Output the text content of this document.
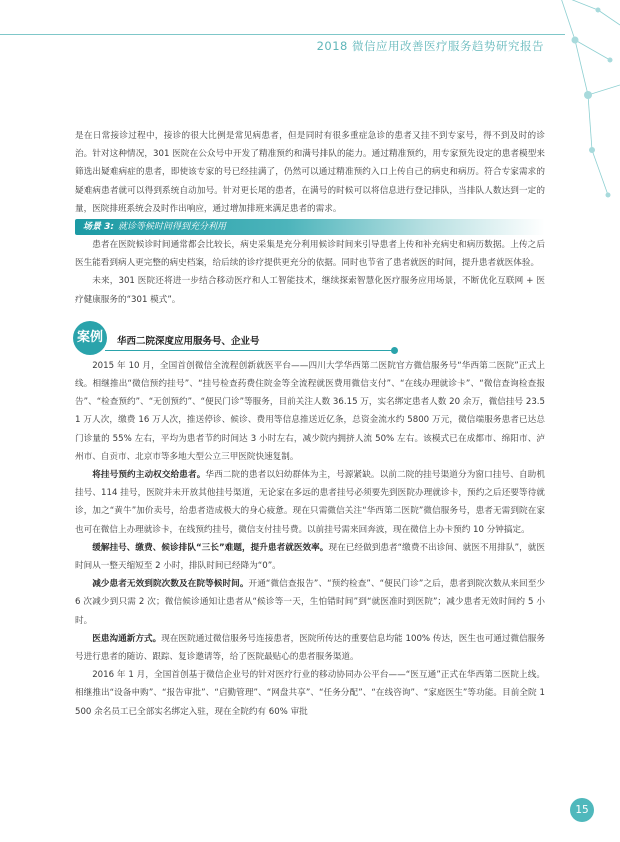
2018 微信应用改善医疗服务趋势研究报告

是在日常接诊过程中，接诊的很大比例是常见病患者，但是同时有很多重症急诊的患者又挂不到专家号，得不到及时的诊治。针对这种情况，301 医院在公众号中开发了精准预约和满号排队的能力。通过精准预约，用专家预先设定的患者模型来筛选出疑难病症的患者，即使该专家的号已经挂满了，仍然可以通过精准预约入口上传自己的病史和病历。符合专家需求的疑难病患者就可以得到系统自动加号。针对更长尾的患者，在满号的时候可以将信息进行登记排队，当排队人数达到一定的量，医院排班系统会及时作出响应，通过增加排班来满足患者的需求。

场景 3: 就诊等候时间得到充分利用

患者在医院候诊时间通常都会比较长，病史采集是充分利用候诊时间来引导患者上传和补充病史和病历数据。上传之后医生能看到病人更完整的病史档案，给后续的诊疗提供更充分的依据。同时也节省了患者就医的时间，提升患者就医体验。

未来，301 医院还将进一步结合移动医疗和人工智能技术，继续探索智慧化医疗服务应用场景，不断优化互联网 + 医疗健康服务的“301 模式”。

案例	华西二院深度应用服务号、企业号

2015 年 10 月，全国首创微信全流程创新就医平台——四川大学华西第二医院官方微信服务号“华西第二医院”正式上线。相继推出“微信预约挂号”、“挂号检查药费住院金等全流程就医费用微信支付”、“在线办理就诊卡”、“微信查询检查报告”、“检查预约”、“无创预约”、“便民门诊”等服务，目前关注人数 36.15 万，实名绑定患者人数 20 余万，微信挂号 23.51 万人次，缴费 16 万人次，推送停诊、候诊、费用等信息推送近亿条，总资金流水约 5800 万元，微信端服务患者已达总门诊量的 55% 左右，平均为患者节约时间达 3 小时左右，减少院内拥挤人流 50% 左右。该模式已在成都市、绵阳市、泸州市、自贡市、北京市等多地大型公立三甲医院快速复制。

将挂号预约主动权交给患者。华西二院的患者以妇幼群体为主，号源紧缺。以前二院的挂号渠道分为窗口挂号、自助机挂号、114 挂号，医院并未开放其他挂号渠道，无论家在多远的患者挂号必须要先到医院办理就诊卡，预约之后还要等待就诊，加之“黄牛”加价卖号，给患者造成极大的身心疲惫。现在只需微信关注“华西第二医院”微信服务号，患者无需到院在家也可在微信上办理就诊卡，在线预约挂号，微信支付挂号费。以前挂号需来回奔波，现在微信上办卡预约 10 分钟搞定。

缓解挂号、缴费、候诊排队“三长”难题，提升患者就医效率。现在已经做到患者“缴费不出诊间、就医不用排队”，就医时间从一整天缩短至 2 小时，排队时间已经降为“0”。

减少患者无效到院次数及在院等候时间。开通“微信查报告”、“预约检查”、“便民门诊”之后，患者到院次数从来回至少 6 次减少到只需 2 次；微信候诊通知让患者从“候诊等一天，生怕错时间”到“就医准时到医院”；减少患者无效时间约 5 小时。

医患沟通新方式。现在医院通过微信服务号连接患者，医院所传达的重要信息均能 100% 传达，医生也可通过微信服务号进行患者的随访、跟踪、复诊邀请等，给了医院最贴心的患者服务渠道。

2016 年 1 月，全国首创基于微信企业号的针对医疗行业的移动协同办公平台——“医互通”正式在华西第二医院上线。相继推出“设备申购”、“报告审批”、“启勤管理”、“网盘共享”、“任务分配”、“在线咨询”、“家庭医生”等功能。目前全院 1500 余名员工已全部实名绑定入驻，现在全院约有 60% 审批

15
